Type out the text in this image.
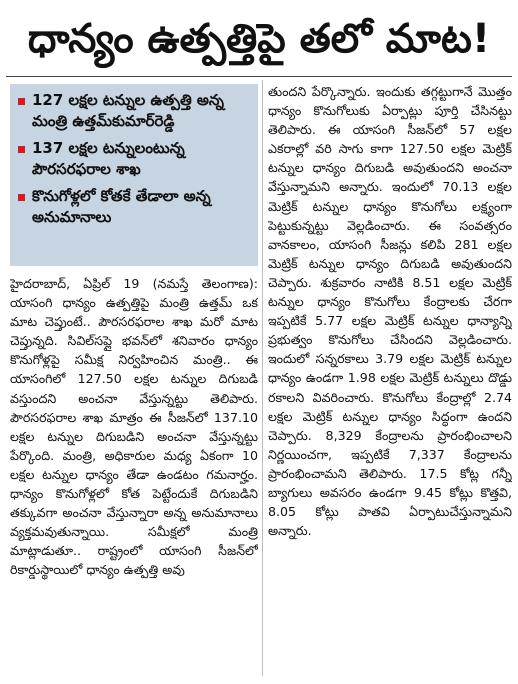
ధాన్యం ఉత్పత్తిపై తలో మాట!
127 లక్షల టన్నుల ఉత్పత్తి అన్న మంత్రి ఉత్తమ్‌కుమార్‌రెడ్డి
137 లక్షల టన్నులంటున్న పౌరసరఫరాల శాఖ
కొనుగోళ్లలో కోతకే తేడాలా అన్న అనుమానాలు

హైదరాబాద్‌, ఏప్రిల్‌ 19 (నమస్తే తెలంగాణ): యాసంగి ధాన్యం ఉత్పత్తిపై మంత్రి ఉత్తమ్‌ ఒక మాట చెప్తుంటే.. పౌరసరఫరాల శాఖ మరో మాట చెప్తున్నది. సివిల్‌సప్లై భవన్‌లో శనివారం ధాన్యం కొనుగోళ్లపై సమీక్ష నిర్వహించిన మంత్రి.. ఈ యాసంగిలో 127.50 లక్షల టన్నుల దిగుబడి వస్తుందని అంచనా వేస్తున్నట్టు తెలిపారు. పౌరసరఫరాల శాఖ మాత్రం ఈ సీజన్‌లో 137.10 లక్షల టన్నుల దిగుబడిని అంచనా వేస్తున్నట్టు పేర్కొంది. మంత్రి, అధికారుల మధ్య ఏకంగా 10 లక్షల టన్నుల ధాన్యం తేడా ఉండటం గమనార్హం. ధాన్యం కొనుగోళ్లలో కోత పెట్టేందుకే దిగుబడిని తక్కువగా అంచనా వేస్తున్నారా అన్న అనుమానాలు వ్యక్తమవుతున్నాయి. సమీక్షలో మంత్రి మాట్లాడుతూ.. రాష్ట్రంలో యాసంగి సీజన్‌లో రికార్డుస్థాయిలో ధాన్యం ఉత్పత్తి అవు

తుందని పేర్కొన్నారు. ఇందుకు తగ్గట్టుగానే మొత్తం ధాన్యం కొనుగోలుకు ఏర్పాట్లు పూర్తి చేసినట్టు తెలిపారు. ఈ యాసంగి సీజన్‌లో 57 లక్షల ఎకరాల్లో వరి సాగు కాగా 127.50 లక్షల మెట్రిక్‌ టన్నుల ధాన్యం దిగుబడి అవుతుందని అంచనా వేస్తున్నామని అన్నారు. ఇందులో 70.13 లక్షల మెట్రిక్‌ టన్నుల ధాన్యం కొనుగోలు లక్ష్యంగా పెట్టుకున్నట్టు వెల్లడించారు. ఈ సంవత్సరం వానకాలం, యాసంగి సీజన్లు కలిపి 281 లక్షల మెట్రిక్‌ టన్నుల ధాన్యం దిగుబడి అవుతుందని చెప్పారు. శుక్రవారం నాటికి 8.51 లక్షల మెట్రిక్‌ టన్నుల ధాన్యం కొనుగోలు కేంద్రాలకు చేరగా ఇప్పటికే 5.77 లక్షల మెట్రిక్‌ టన్నుల ధాన్యాన్ని ప్రభుత్వం కొనుగోలు చేసిందని వెల్లడించారు. ఇందులో సన్నరకాలు 3.79 లక్షల మెట్రిక్‌ టన్నుల ధాన్యం ఉండగా 1.98 లక్షల మెట్రిక్‌ టన్నులు దొడ్డు రకాలని వివరించారు. కొనుగోలు కేంద్రాల్లో 2.74 లక్షల మెట్రిక్‌ టన్నుల ధాన్యం సిద్ధంగా ఉందని చెప్పారు. 8,329 కేంద్రాలను ప్రారంభించాలని నిర్ణయించగా, ఇప్పటికే 7,337 కేంద్రాలను ప్రారంభించామని తెలిపారు. 17.5 కోట్ల గన్నీ బ్యాగులు అవసరం ఉండగా 9.45 కోట్లు కొత్తవి, 8.05 కోట్లు పాతవి ఏర్పాటుచేస్తున్నామని అన్నారు.
